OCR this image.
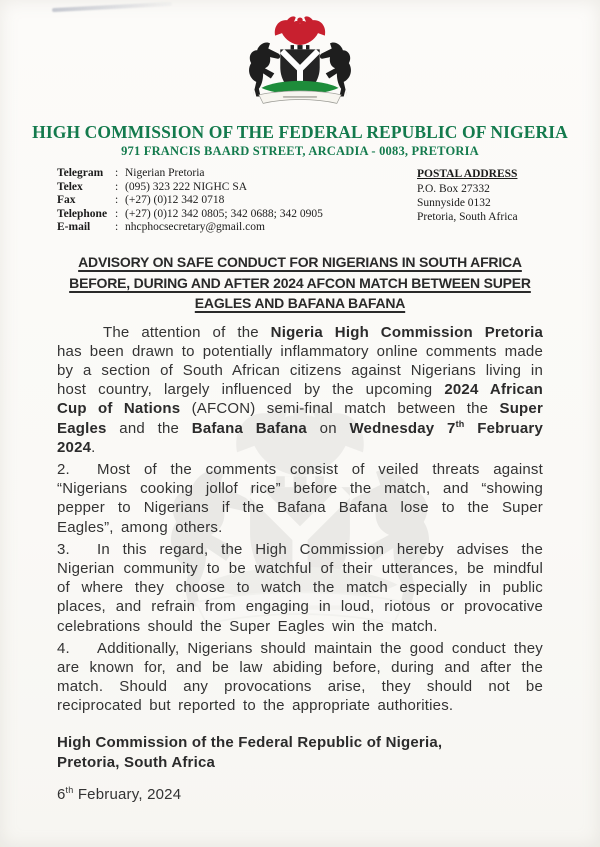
HIGH COMMISSION OF THE FEDERAL REPUBLIC OF NIGERIA
971 FRANCIS BAARD STREET, ARCADIA - 0083, PRETORIA
Telegram : Nigerian Pretoria
Telex	: (095) 323 222 NIGHC SA
Fax	: (+27) (0)12 342 0718
Telephone : (+27) (0)12 342 0805; 342 0688; 342 0905
E-mail : nhcphocsecretary@gmail.com
POSTAL ADDRESS
P.O. Box 27332
Sunnyside 0132
Pretoria, South Africa
ADVISORY ON SAFE CONDUCT FOR NIGERIANS IN SOUTH AFRICA
BEFORE, DURING AND AFTER 2024 AFCON MATCH BETWEEN SUPER
EAGLES AND BAFANA BAFANA
The attention of the Nigeria High Commission Pretoria has been drawn to potentially inflammatory online comments made by a section of South African citizens against Nigerians living in host country, largely influenced by the upcoming 2024 African Cup of Nations (AFCON) semi-final match between the Super Eagles and the Bafana Bafana on Wednesday 7th February 2024.
2. Most of the comments consist of veiled threats against “Nigerians cooking jollof rice” before the match, and “showing pepper to Nigerians if the Bafana Bafana lose to the Super Eagles”, among others.
3. In this regard, the High Commission hereby advises the Nigerian community to be watchful of their utterances, be mindful of where they choose to watch the match especially in public places, and refrain from engaging in loud, riotous or provocative celebrations should the Super Eagles win the match.
4. Additionally, Nigerians should maintain the good conduct they are known for, and be law abiding before, during and after the match. Should any provocations arise, they should not be reciprocated but reported to the appropriate authorities.
High Commission of the Federal Republic of Nigeria,
Pretoria, South Africa
6th February, 2024
